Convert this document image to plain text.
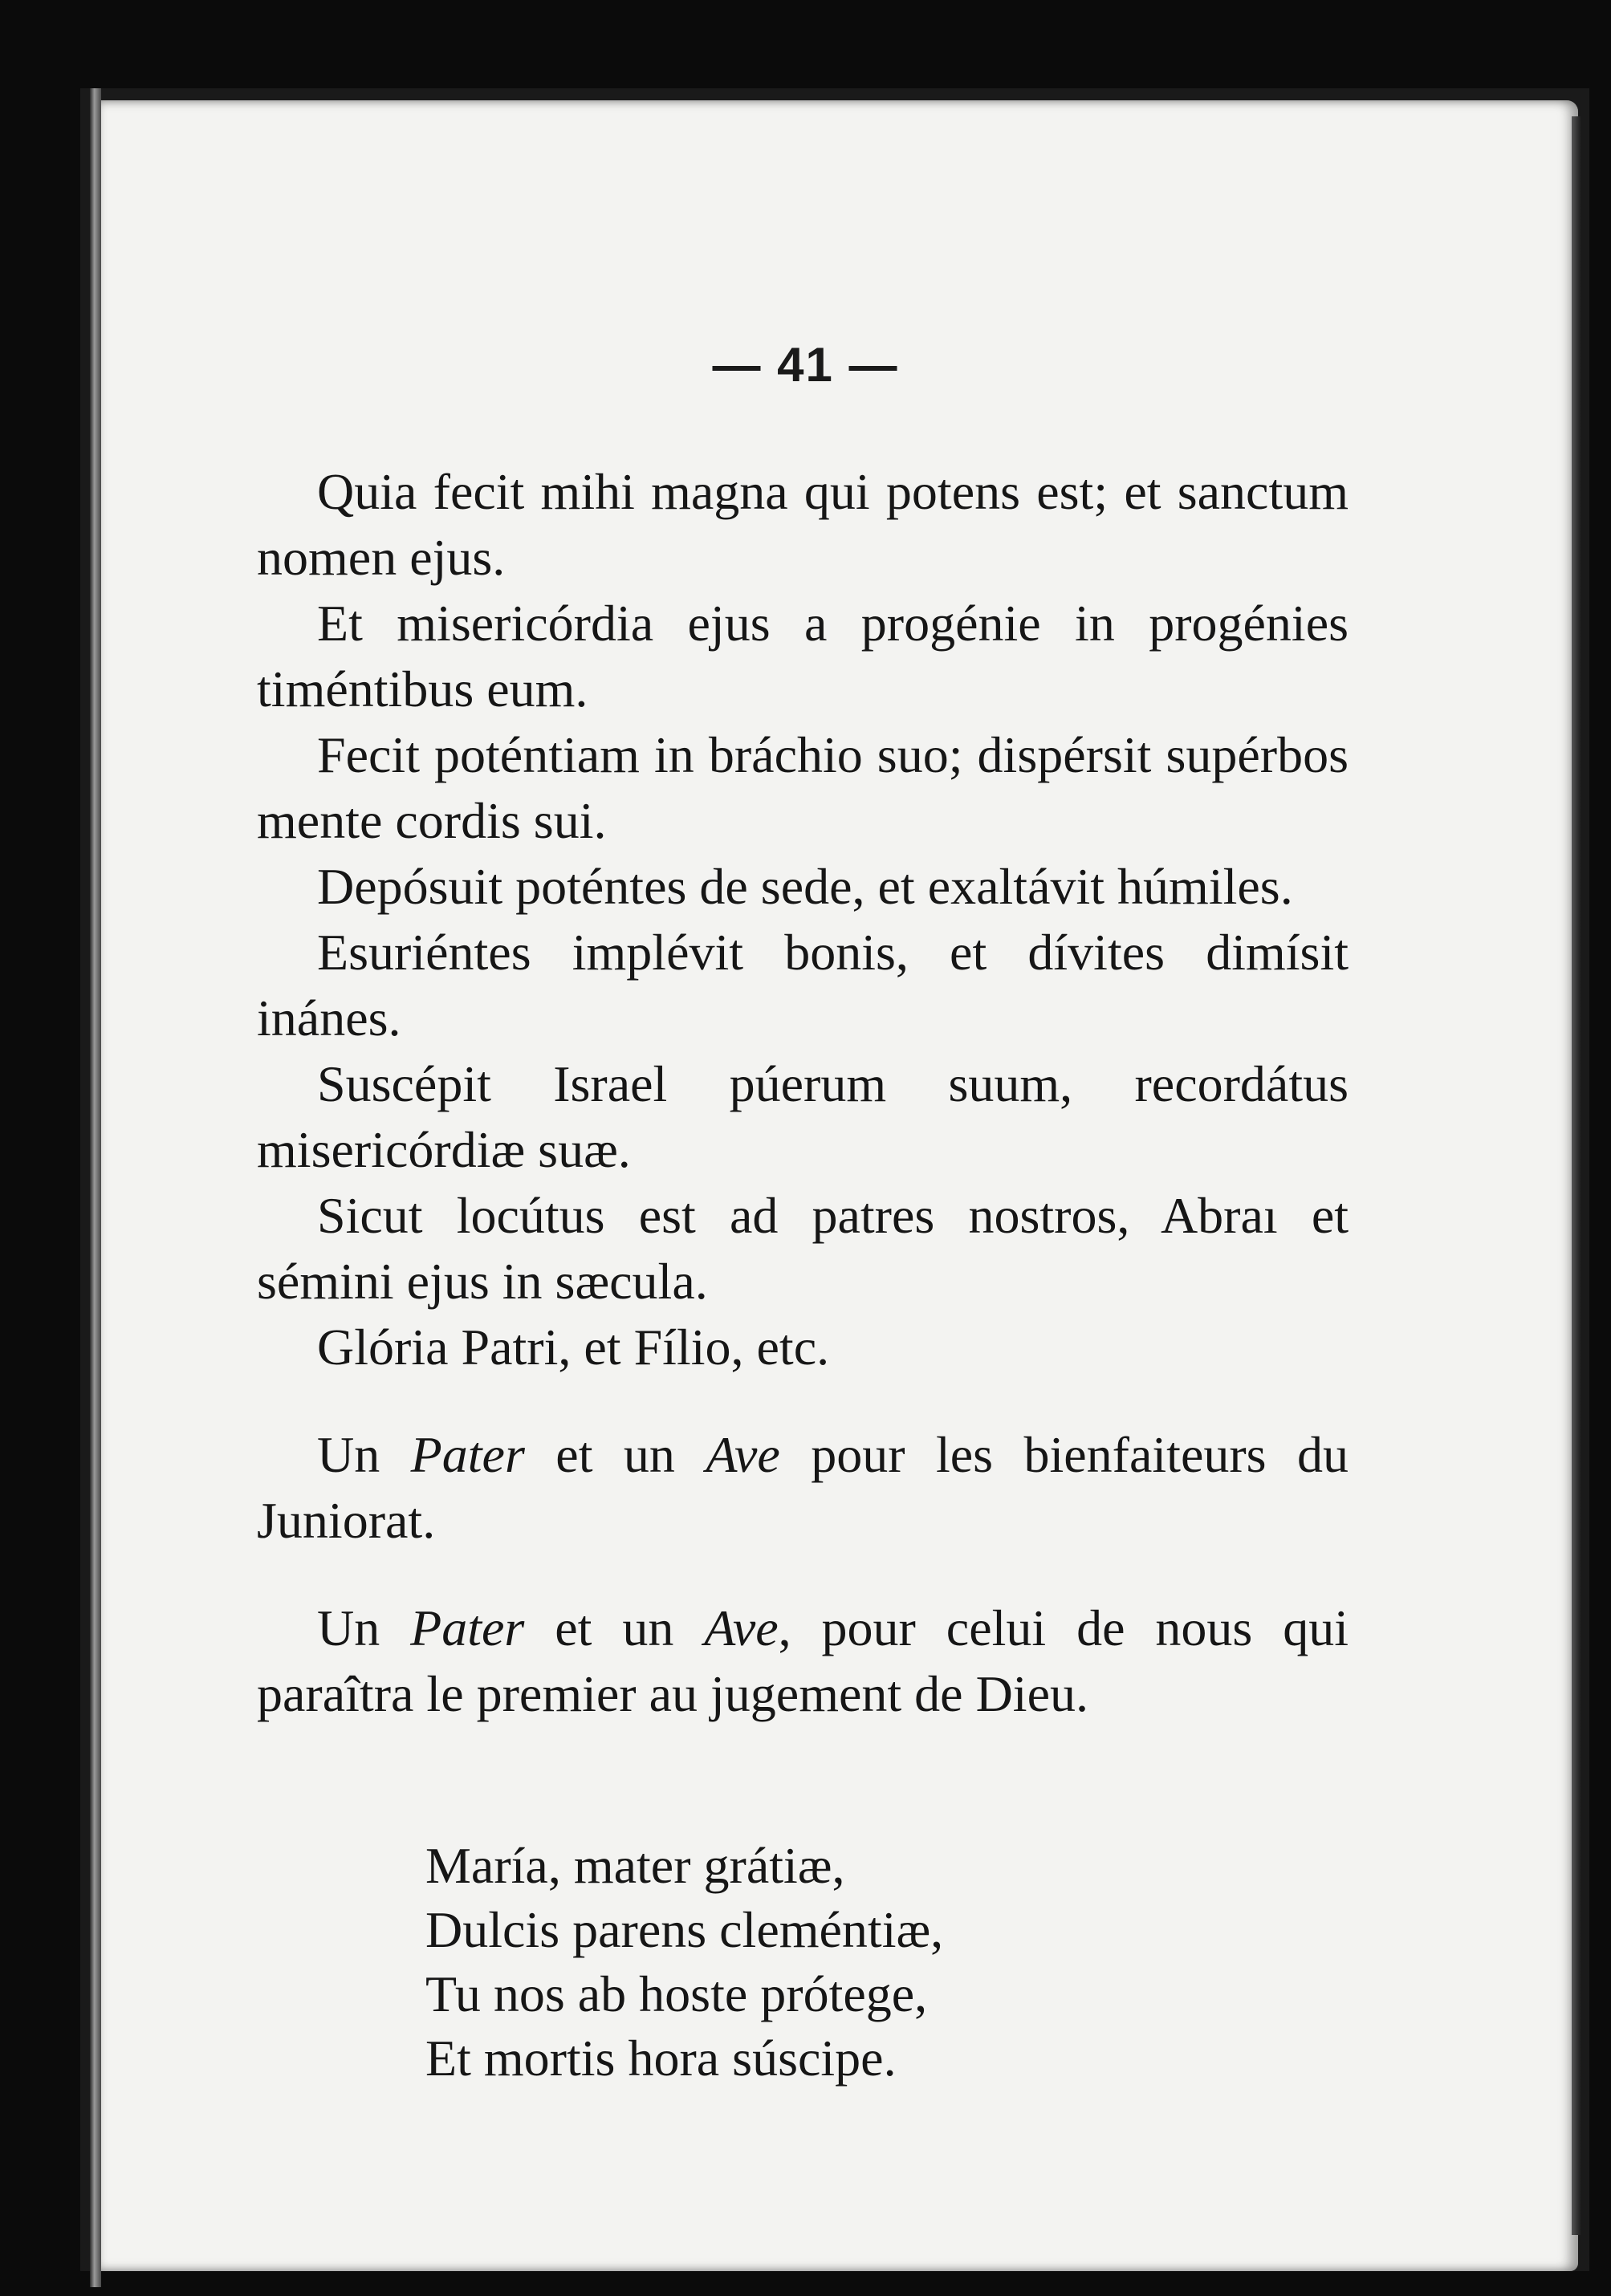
— 41 —

Quia fecit mihi magna qui potens est; et sanctum nomen ejus.

Et misericórdia ejus a progénie in progénies timéntibus eum.

Fecit poténtiam in bráchio suo; dispérsit supérbos mente cordis sui.

Depósuit poténtes de sede, et exaltávit húmiles.

Esuriéntes implévit bonis, et dívites dimísit inánes.

Suscépit Israel púerum suum, recordátus misericórdiæ suæ.

Sicut locútus est ad patres nostros, Abraı et sémini ejus in sæcula.

Glória Patri, et Fílio, etc.

Un Pater et un Ave pour les bienfaiteurs du Juniorat.

Un Pater et un Ave, pour celui de nous qui paraîtra le premier au jugement de Dieu.

María, mater grátiæ,
Dulcis parens cleméntiæ,
Tu nos ab hoste prótege,
Et mortis hora súscipe.
